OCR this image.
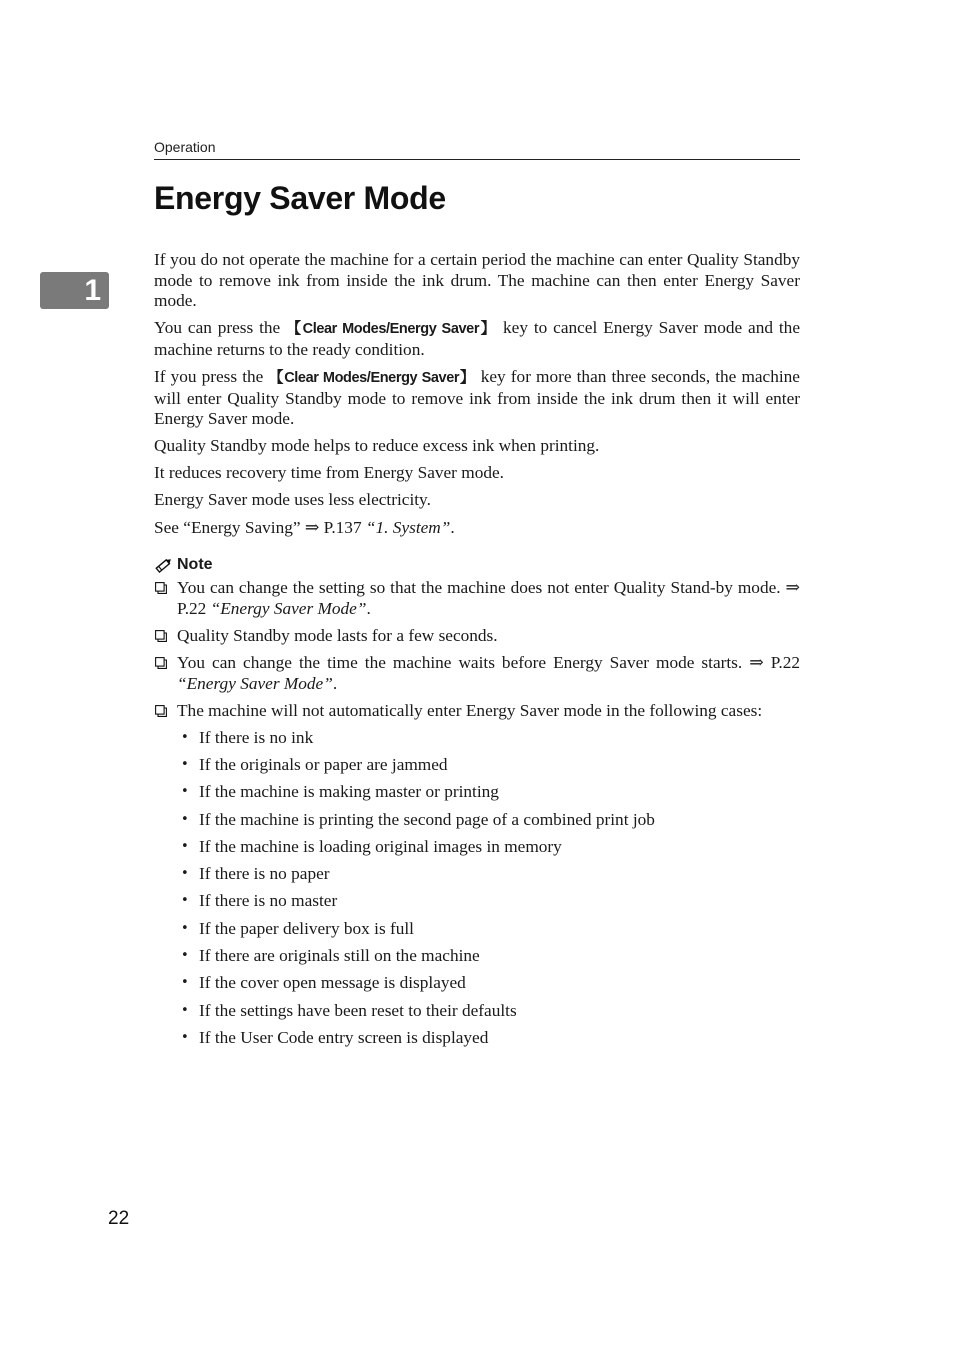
Operation
Energy Saver Mode
1

If you do not operate the machine for a certain period the machine can enter Quality Standby mode to remove ink from inside the ink drum. The machine can then enter Energy Saver mode.

You can press the 【Clear Modes/Energy Saver】 key to cancel Energy Saver mode and the machine returns to the ready condition.

If you press the 【Clear Modes/Energy Saver】 key for more than three seconds, the machine will enter Quality Standby mode to remove ink from inside the ink drum then it will enter Energy Saver mode.

Quality Standby mode helps to reduce excess ink when printing.

It reduces recovery time from Energy Saver mode.

Energy Saver mode uses less electricity.

See “Energy Saving” ⇒ P.137 “1. System”.

Note
You can change the setting so that the machine does not enter Quality Stand-by mode. ⇒ P.22 “Energy Saver Mode”.
Quality Standby mode lasts for a few seconds.
You can change the time the machine waits before Energy Saver mode starts. ⇒ P.22 “Energy Saver Mode”.
The machine will not automatically enter Energy Saver mode in the following cases:
• If there is no ink
• If the originals or paper are jammed
• If the machine is making master or printing
• If the machine is printing the second page of a combined print job
• If the machine is loading original images in memory
• If there is no paper
• If there is no master
• If the paper delivery box is full
• If there are originals still on the machine
• If the cover open message is displayed
• If the settings have been reset to their defaults
• If the User Code entry screen is displayed
22
